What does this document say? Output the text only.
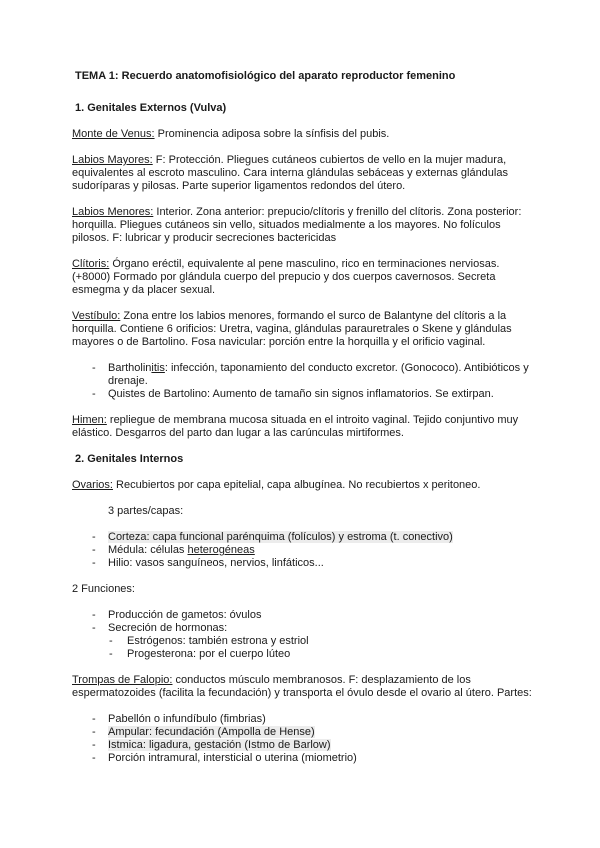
TEMA 1: Recuerdo anatomofisiológico del aparato reproductor femenino
1. Genitales Externos (Vulva)
Monte de Venus: Prominencia adiposa sobre la sínfisis del pubis.
Labios Mayores: F: Protección. Pliegues cutáneos cubiertos de vello en la mujer madura, equivalentes al escroto masculino. Cara interna glándulas sebáceas y externas glándulas sudoríparas y pilosas. Parte superior ligamentos redondos del útero.
Labios Menores: Interior. Zona anterior: prepucio/clítoris y frenillo del clítoris. Zona posterior: horquilla. Pliegues cutáneos sin vello, situados medialmente a los mayores. No folículos pilosos. F: lubricar y producir secreciones bactericidas
Clítoris: Órgano eréctil, equivalente al pene masculino, rico en terminaciones nerviosas. (+8000) Formado por glándula cuerpo del prepucio y dos cuerpos cavernosos. Secreta esmegma y da placer sexual.
Vestíbulo: Zona entre los labios menores, formando el surco de Balantyne del clítoris a la horquilla. Contiene 6 orificios: Uretra, vagina, glándulas parauretrales o Skene y glándulas mayores o de Bartolino. Fosa navicular: porción entre la horquilla y el orificio vaginal.
- Bartholinitis: infección, taponamiento del conducto excretor. (Gonococo). Antibióticos y drenaje.
- Quistes de Bartolino: Aumento de tamaño sin signos inflamatorios. Se extirpan.
Himen: repliegue de membrana mucosa situada en el introito vaginal. Tejido conjuntivo muy elástico. Desgarros del parto dan lugar a las carúnculas mirtiformes.
2. Genitales Internos
Ovarios: Recubiertos por capa epitelial, capa albugínea. No recubiertos x peritoneo.
3 partes/capas:
- Corteza: capa funcional parénquima (folículos) y estroma (t. conectivo)
- Médula: células heterogéneas
- Hilio: vasos sanguíneos, nervios, linfáticos...
2 Funciones:
- Producción de gametos: óvulos
- Secreción de hormonas:
- Estrógenos: también estrona y estriol
- Progesterona: por el cuerpo lúteo
Trompas de Falopio: conductos músculo membranosos. F: desplazamiento de los espermatozoides (facilita la fecundación) y transporta el óvulo desde el ovario al útero. Partes:
- Pabellón o infundíbulo (fimbrias)
- Ampular: fecundación (Ampolla de Hense)
- Istmica: ligadura, gestación (Istmo de Barlow)
- Porción intramural, intersticial o uterina (miometrio)
